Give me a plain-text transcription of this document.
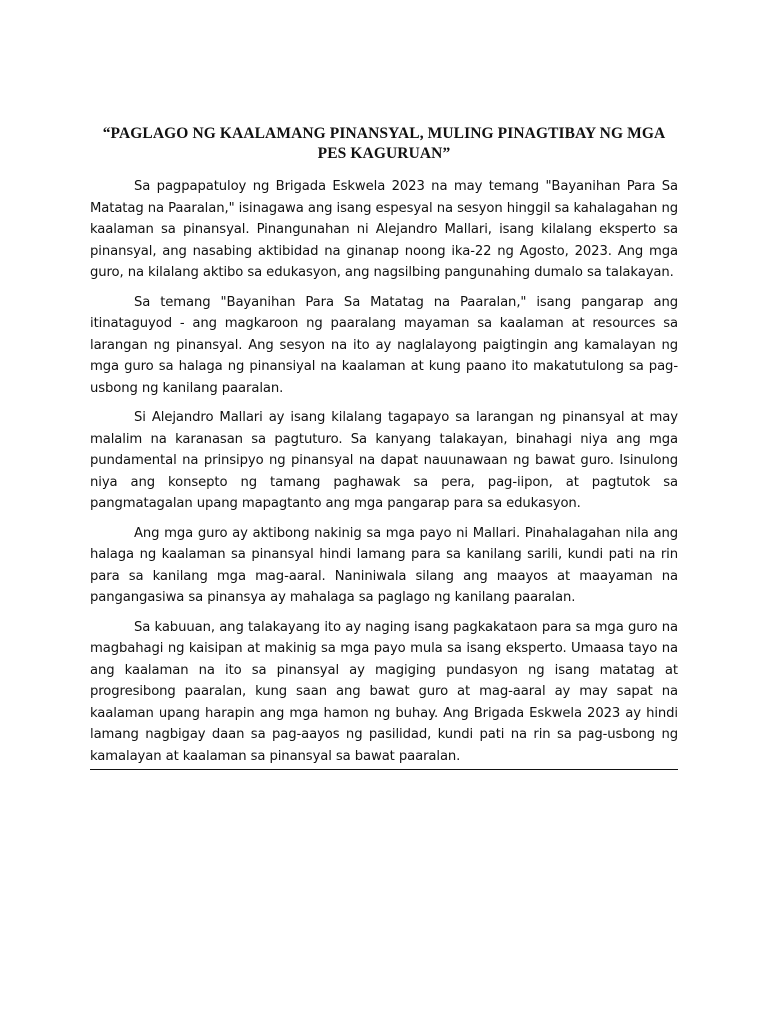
“PAGLAGO NG KAALAMANG PINANSYAL, MULING PINAGTIBAY NG MGA PES KAGURUAN”

Sa pagpapatuloy ng Brigada Eskwela 2023 na may temang "Bayanihan Para Sa Matatag na Paaralan," isinagawa ang isang espesyal na sesyon hinggil sa kahalagahan ng kaalaman sa pinansyal. Pinangunahan ni Alejandro Mallari, isang kilalang eksperto sa pinansyal, ang nasabing aktibidad na ginanap noong ika-22 ng Agosto, 2023. Ang mga guro, na kilalang aktibo sa edukasyon, ang nagsilbing pangunahing dumalo sa talakayan.

Sa temang "Bayanihan Para Sa Matatag na Paaralan," isang pangarap ang itinataguyod - ang magkaroon ng paaralang mayaman sa kaalaman at resources sa larangan ng pinansyal. Ang sesyon na ito ay naglalayong paigtingin ang kamalayan ng mga guro sa halaga ng pinansiyal na kaalaman at kung paano ito makatutulong sa pag-usbong ng kanilang paaralan.

Si Alejandro Mallari ay isang kilalang tagapayo sa larangan ng pinansyal at may malalim na karanasan sa pagtuturo. Sa kanyang talakayan, binahagi niya ang mga pundamental na prinsipyo ng pinansyal na dapat nauunawaan ng bawat guro. Isinulong niya ang konsepto ng tamang paghawak sa pera, pag-iipon, at pagtutok sa pangmatagalan upang mapagtanto ang mga pangarap para sa edukasyon.

Ang mga guro ay aktibong nakinig sa mga payo ni Mallari. Pinahalagahan nila ang halaga ng kaalaman sa pinansyal hindi lamang para sa kanilang sarili, kundi pati na rin para sa kanilang mga mag-aaral. Naniniwala silang ang maayos at maayaman na pangangasiwa sa pinansya ay mahalaga sa paglago ng kanilang paaralan.

Sa kabuuan, ang talakayang ito ay naging isang pagkakataon para sa mga guro na magbahagi ng kaisipan at makinig sa mga payo mula sa isang eksperto. Umaasa tayo na ang kaalaman na ito sa pinansyal ay magiging pundasyon ng isang matatag at progresibong paaralan, kung saan ang bawat guro at mag-aaral ay may sapat na kaalaman upang harapin ang mga hamon ng buhay. Ang Brigada Eskwela 2023 ay hindi lamang nagbigay daan sa pag-aayos ng pasilidad, kundi pati na rin sa pag-usbong ng kamalayan at kaalaman sa pinansyal sa bawat paaralan.
